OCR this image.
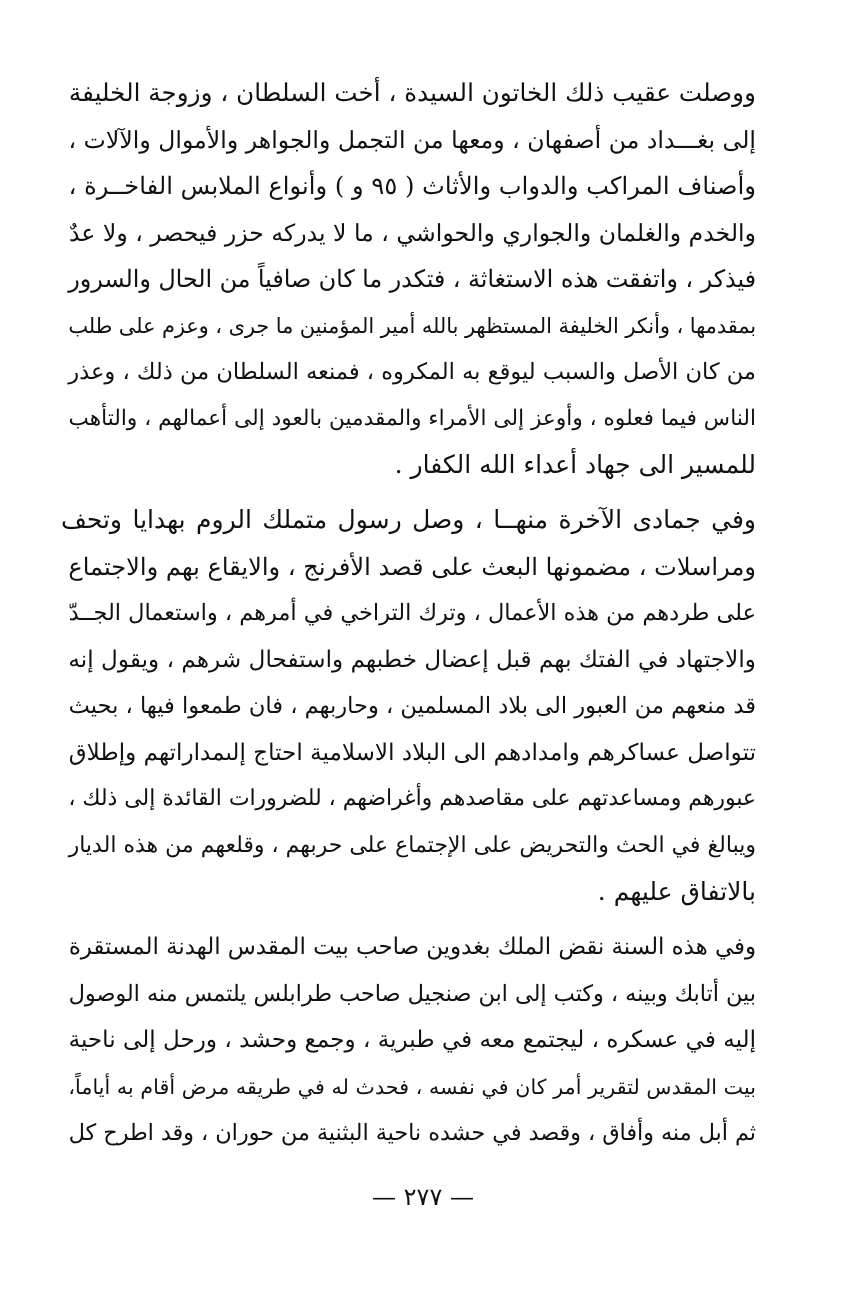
ووصلت عقيب ذلك الخاتون السيدة ، أخت السلطان ، وزوجة الخليفة
إلى بغـــداد من أصفهان ، ومعها من التجمل والجواهر والأموال والآلات ،
وأصناف المراكب والدواب والأثاث ( ٩٥ و ) وأنواع الملابس الفاخــرة ،
والخدم والغلمان والجواري والحواشي ، ما لا يدركه حزر فيحصر ، ولا عدٌ
فيذكر ، واتفقت هذه الاستغاثة ، فتكدر ما كان صافياً من الحال والسرور
بمقدمها ، وأنكر الخليفة المستظهر بالله أمير المؤمنين ما جرى ، وعزم على طلب
من كان الأصل والسبب ليوقع به المكروه ، فمنعه السلطان من ذلك ، وعذر
الناس فيما فعلوه ، وأوعز إلى الأمراء والمقدمين بالعود إلى أعمالهم ، والتأهب
للمسير الى جهاد أعداء الله الكفار .
وفي جمادى الآخرة منهــا ، وصل رسول متملك الروم بهدايا وتحف
ومراسلات ، مضمونها البعث على قصد الأفرنج ، والايقاع بهم والاجتماع
على طردهم من هذه الأعمال ، وترك التراخي في أمرهم ، واستعمال الجــدّ
والاجتهاد في الفتك بهم قبل إعضال خطبهم واستفحال شرهم ، ويقول إنه
قد منعهم من العبور الى بلاد المسلمين ، وحاربهم ، فان طمعوا فيها ، بحيث
تتواصل عساكرهم وامدادهم الى البلاد الاسلامية احتاج إلىمداراتهم وإطلاق
عبورهم ومساعدتهم على مقاصدهم وأغراضهم ، للضرورات القائدة إلى ذلك ،
ويبالغ في الحث والتحريض على الإجتماع على حربهم ، وقلعهم من هذه الديار
بالاتفاق عليهم .
وفي هذه السنة نقض الملك بغدوين صاحب بيت المقدس الهدنة المستقرة
بين أتابك وبينه ، وكتب إلى ابن صنجيل صاحب طرابلس يلتمس منه الوصول
إليه في عسكره ، ليجتمع معه في طبرية ، وجمع وحشد ، ورحل إلى ناحية
بيت المقدس لتقرير أمر كان في نفسه ، فحدث له في طريقه مرض أقام به أياماً،
ثم أبل منه وأفاق ، وقصد في حشده ناحية البثنية من حوران ، وقد اطرح كل
— ٢٧٧ —
